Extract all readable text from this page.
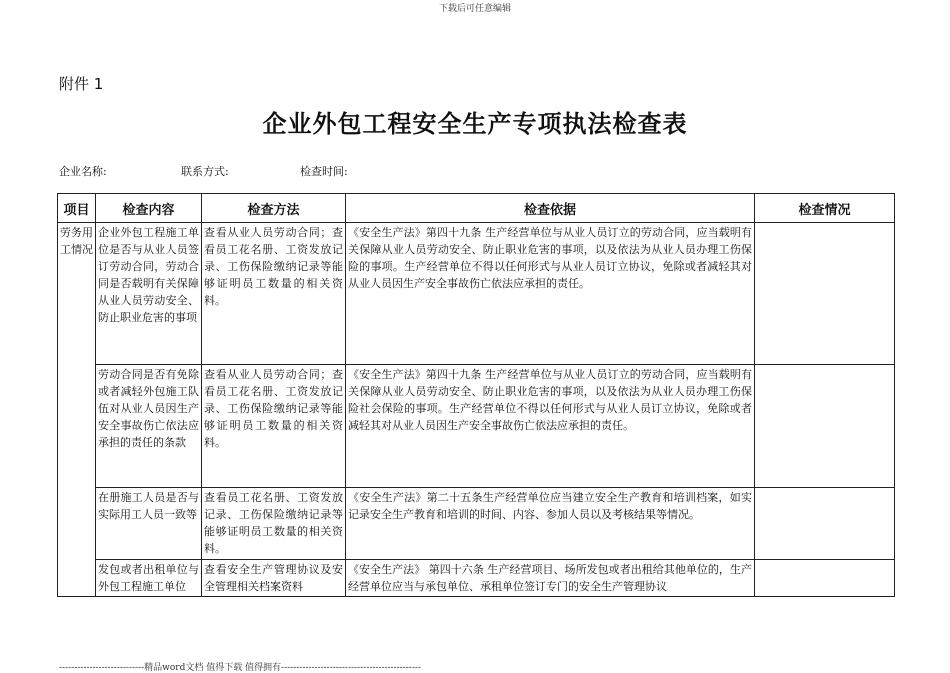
下载后可任意编辑
附件 1
企业外包工程安全生产专项执法检查表
企业名称:	联系方式:	检查时间:
项目	检查内容	检查方法	检查依据	检查情况
劳务用工情况	企业外包工程施工单位是否与从业人员签订劳动合同，劳动合同是否载明有关保障从业人员劳动安全、防止职业危害的事项	查看从业人员劳动合同；查看员工花名册、工资发放记录、工伤保险缴纳记录等能够证明员工数量的相关资料。	《安全生产法》第四十九条 生产经营单位与从业人员订立的劳动合同，应当载明有关保障从业人员劳动安全、防止职业危害的事项，以及依法为从业人员办理工伤保险的事项。生产经营单位不得以任何形式与从业人员订立协议，免除或者减轻其对从业人员因生产安全事故伤亡依法应承担的责任。	
	劳动合同是否有免除或者减轻外包施工队伍对从业人员因生产安全事故伤亡依法应承担的责任的条款	查看从业人员劳动合同；查看员工花名册、工资发放记录、工伤保险缴纳记录等能够证明员工数量的相关资料。	《安全生产法》第四十九条 生产经营单位与从业人员订立的劳动合同，应当载明有关保障从业人员劳动安全、防止职业危害的事项，以及依法为从业人员办理工伤保险社会保险的事项。生产经营单位不得以任何形式与从业人员订立协议，免除或者减轻其对从业人员因生产安全事故伤亡依法应承担的责任。	
	在册施工人员是否与实际用工人员一致等	查看员工花名册、工资发放记录、工伤保险缴纳记录等能够证明员工数量的相关资料。	《安全生产法》第二十五条生产经营单位应当建立安全生产教育和培训档案，如实记录安全生产教育和培训的时间、内容、参加人员以及考核结果等情况。	

	发包或者出租单位与外包工程施工单位	查看安全生产管理协议及安全管理相关档案资料	《安全生产法》 第四十六条 生产经营项目、场所发包或者出租给其他单位的，生产经营单位应当与承包单位、承租单位签订专门的安全生产管理协议	

----------------------------精品word文档 值得下载 值得拥有----------------------------------------------
